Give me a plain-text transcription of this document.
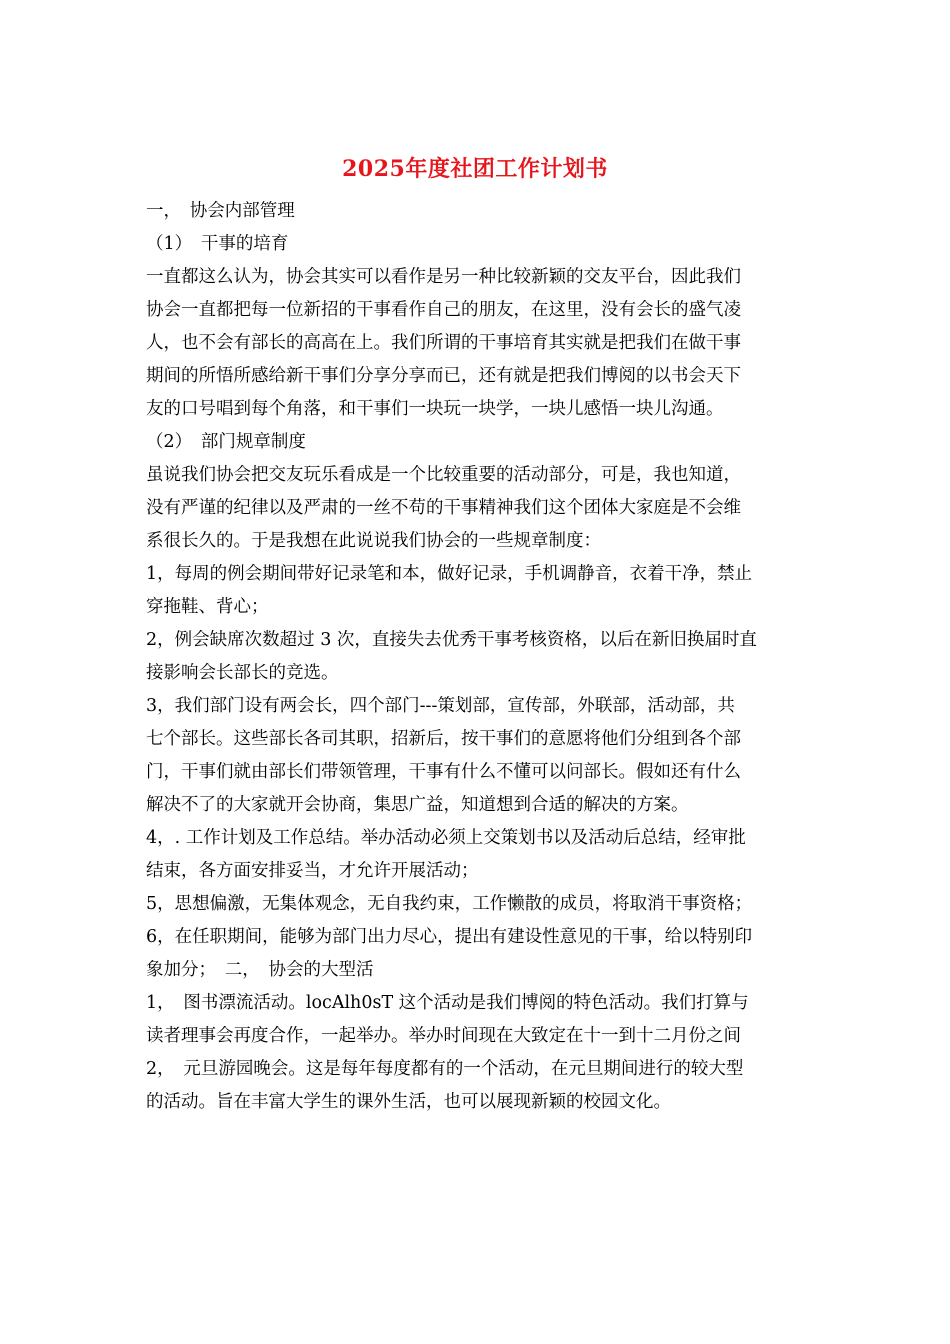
2025年度社团工作计划书
一，　协会内部管理
（1）　干事的培育
一直都这么认为，协会其实可以看作是另一种比较新颖的交友平台，因此我们
协会一直都把每一位新招的干事看作自己的朋友，在这里，没有会长的盛气凌
人，也不会有部长的高高在上。我们所谓的干事培育其实就是把我们在做干事
期间的所悟所感给新干事们分享分享而已，还有就是把我们博阅的以书会天下
友的口号唱到每个角落，和干事们一块玩一块学，一块儿感悟一块儿沟通。
（2）　部门规章制度
虽说我们协会把交友玩乐看成是一个比较重要的活动部分，可是，我也知道，
没有严谨的纪律以及严肃的一丝不苟的干事精神我们这个团体大家庭是不会维
系很长久的。于是我想在此说说我们协会的一些规章制度：
1，每周的例会期间带好记录笔和本，做好记录，手机调静音，衣着干净，禁止
穿拖鞋、背心；
2，例会缺席次数超过 3 次，直接失去优秀干事考核资格，以后在新旧换届时直
接影响会长部长的竞选。
3，我们部门设有两会长，四个部门---策划部，宣传部，外联部，活动部，共
七个部长。这些部长各司其职，招新后，按干事们的意愿将他们分组到各个部
门，干事们就由部长们带领管理，干事有什么不懂可以问部长。假如还有什么
解决不了的大家就开会协商，集思广益，知道想到合适的解决的方案。
4，. 工作计划及工作总结。举办活动必须上交策划书以及活动后总结，经审批
结束，各方面安排妥当，才允许开展活动；
5，思想偏激，无集体观念，无自我约束，工作懒散的成员，将取消干事资格；
6，在任职期间，能够为部门出力尽心，提出有建设性意见的干事，给以特别印
象加分；　二，　协会的大型活
1，　图书漂流活动。locAlh0sT 这个活动是我们博阅的特色活动。我们打算与
读者理事会再度合作，一起举办。举办时间现在大致定在十一到十二月份之间
2，　元旦游园晚会。这是每年每度都有的一个活动，在元旦期间进行的较大型
的活动。旨在丰富大学生的课外生活，也可以展现新颖的校园文化。
